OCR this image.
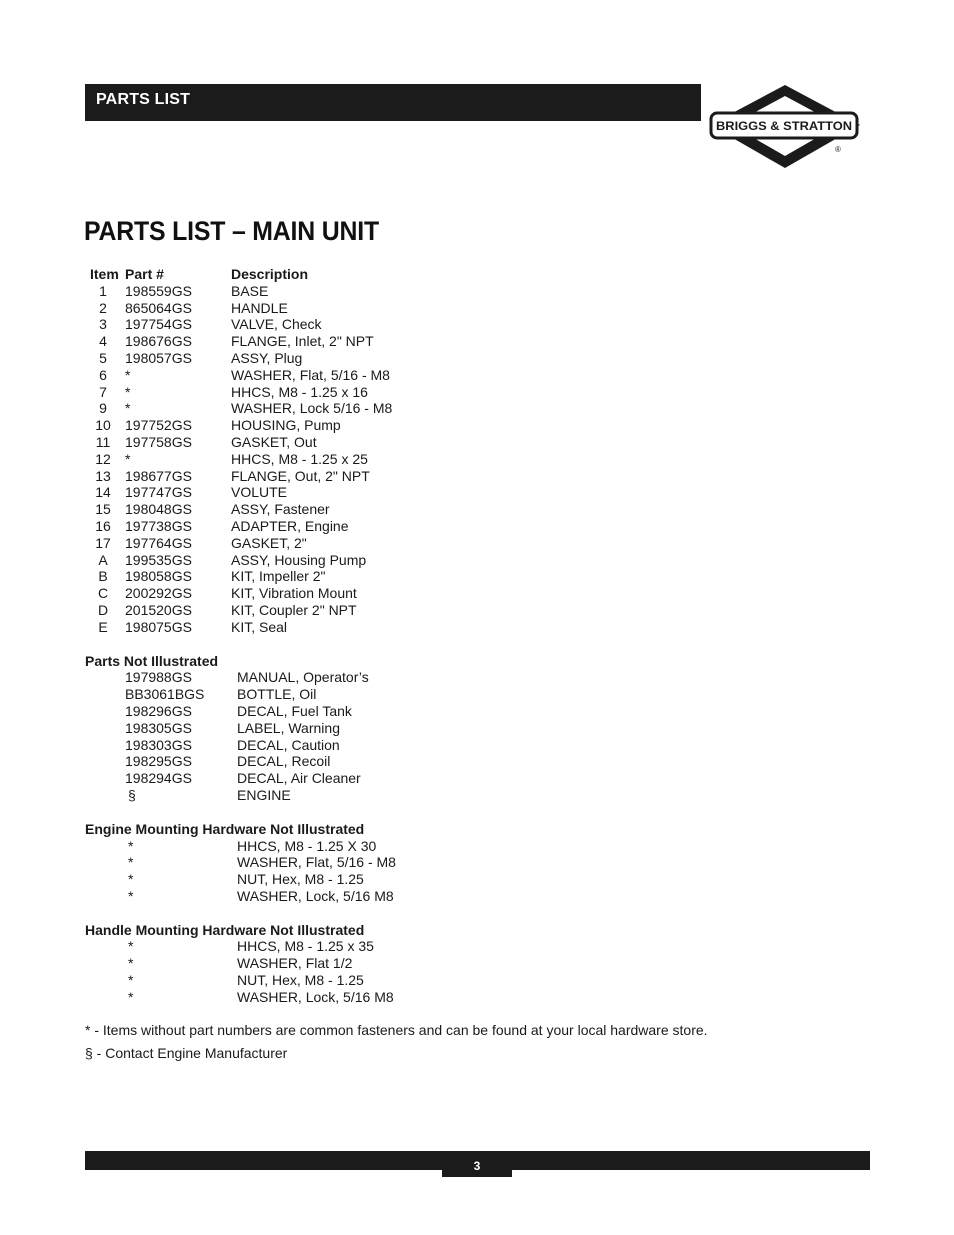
PARTS LIST
BRIGGS & STRATTON
®
PARTS LIST – MAIN UNIT
Item Part #	Description
1	198559GS	BASE
2	865064GS	HANDLE
3	197754GS	VALVE, Check
4	198676GS	FLANGE, Inlet, 2" NPT
5	198057GS	ASSY, Plug
6	*	WASHER, Flat, 5/16 - M8
7	*	HHCS, M8 - 1.25 x 16
9	*	WASHER, Lock 5/16 - M8
10	197752GS	HOUSING, Pump
11	197758GS	GASKET, Out
12	*	HHCS, M8 - 1.25 x 25
13	198677GS	FLANGE, Out, 2" NPT
14	197747GS	VOLUTE
15	198048GS	ASSY, Fastener
16	197738GS	ADAPTER, Engine
17	197764GS	GASKET, 2"
A	199535GS	ASSY, Housing Pump
B	198058GS	KIT, Impeller 2"
C	200292GS	KIT, Vibration Mount
D	201520GS	KIT, Coupler 2" NPT
E	198075GS	KIT, Seal
Parts Not Illustrated
197988GS	MANUAL, Operator’s
BB3061BGS	BOTTLE, Oil
198296GS	DECAL, Fuel Tank
198305GS	LABEL, Warning
198303GS	DECAL, Caution
198295GS	DECAL, Recoil
198294GS	DECAL, Air Cleaner
§	ENGINE
Engine Mounting Hardware Not Illustrated
*	HHCS, M8 - 1.25 X 30
*	WASHER, Flat, 5/16 - M8
*	NUT, Hex, M8 - 1.25
*	WASHER, Lock, 5/16 M8
Handle Mounting Hardware Not Illustrated
*	HHCS, M8 - 1.25 x 35
*	WASHER, Flat 1/2
*	NUT, Hex, M8 - 1.25
*	WASHER, Lock, 5/16 M8
* - Items without part numbers are common fasteners and can be found at your local hardware store.
§ - Contact Engine Manufacturer
3
